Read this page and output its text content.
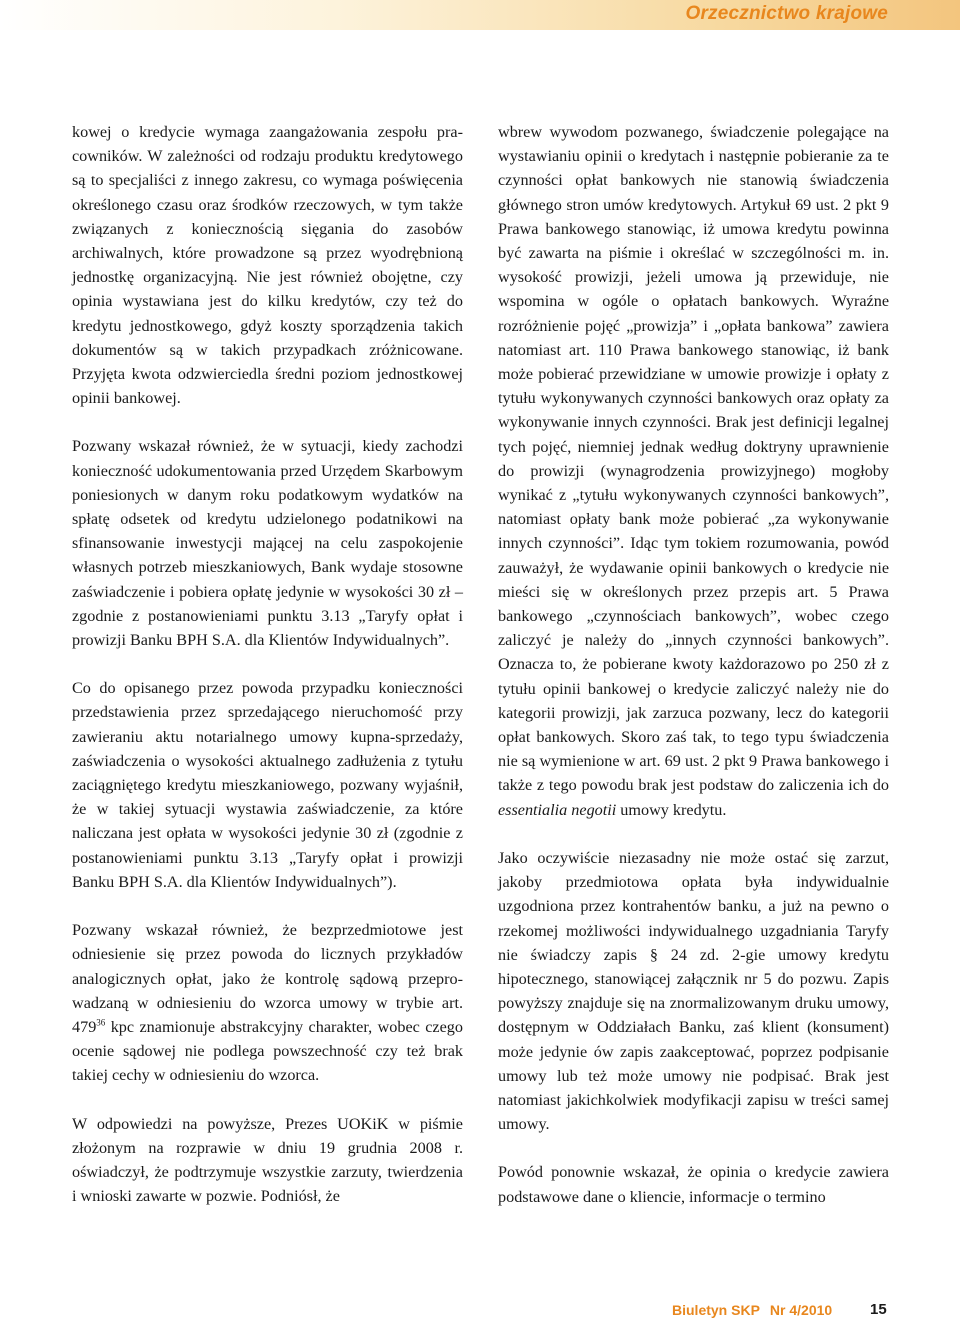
Orzecznictwo krajowe

kowej o kredycie wymaga zaangażowania zespołu pracowników. W zależności od rodzaju produktu kredytowego są to specjaliści z innego zakresu, co wymaga poświęcenia określonego czasu oraz środków rzeczowych, w tym także związanych z koniecznością sięgania do zasobów archiwalnych, które prowadzone są przez wyodrębnioną jednostkę organizacyjną. Nie jest również obojętne, czy opinia wystawiana jest do kilku kredytów, czy też do kredytu jednostkowego, gdyż koszty sporządzenia takich dokumentów są w takich przypadkach zróżnicowane. Przyjęta kwota odzwierciedla średni poziom jednostkowej opinii bankowej.

Pozwany wskazał również, że w sytuacji, kiedy zachodzi konieczność udokumentowania przed Urzędem Skarbowym poniesionych w danym roku podatkowym wydatków na spłatę odsetek od kredytu udzielonego podatnikowi na sfinansowanie inwestycji mającej na celu zaspokojenie własnych potrzeb mieszkaniowych, Bank wydaje stosowne zaświadczenie i pobiera opłatę jedynie w wysokości 30 zł – zgodnie z postanowieniami punktu 3.13 „Taryfy opłat i prowizji Banku BPH S.A. dla Klientów Indywidualnych”.

Co do opisanego przez powoda przypadku konieczności przedstawienia przez sprzedającego nieruchomość przy zawieraniu aktu notarialnego umowy kupna-sprzedaży, zaświadczenia o wysokości aktualnego zadłużenia z tytułu zaciągniętego kredytu mieszkaniowego, pozwany wyjaśnił, że w takiej sytuacji wystawia zaświadczenie, za które naliczana jest opłata w wysokości jedynie 30 zł (zgodnie z postanowieniami punktu 3.13 „Taryfy opłat i prowizji Banku BPH S.A. dla Klientów Indywidualnych”).

Pozwany wskazał również, że bezprzedmiotowe jest odniesienie się przez powoda do licznych przykładów analogicznych opłat, jako że kontrolę sądową przeprowadzaną w odniesieniu do wzorca umowy w trybie art. $479^{36}$ kpc znamionuje abstrakcyjny charakter, wobec czego ocenie sądowej nie podlega powszechność czy też brak takiej cechy w odniesieniu do wzorca.

W odpowiedzi na powyższe, Prezes UOKiK w piśmie złożonym na rozprawie w dniu 19 grudnia 2008 r. oświadczył, że podtrzymuje wszystkie zarzuty, twierdzenia i wnioski zawarte w pozwie. Podniósł, że

wbrew wywodom pozwanego, świadczenie polegające na wystawianiu opinii o kredytach i następnie pobieranie za te czynności opłat bankowych nie stanowią świadczenia głównego stron umów kredytowych. Artykuł 69 ust. 2 pkt 9 Prawa bankowego stanowiąc, iż umowa kredytu powinna być zawarta na piśmie i określać w szczególności m. in. wysokość prowizji, jeżeli umowa ją przewiduje, nie wspomina w ogóle o opłatach bankowych. Wyraźne rozróżnienie pojęć „prowizja” i „opłata bankowa” zawiera natomiast art. 110 Prawa bankowego stanowiąc, iż bank może pobierać przewidziane w umowie prowizje i opłaty z tytułu wykonywanych czynności bankowych oraz opłaty za wykonywanie innych czynności. Brak jest definicji legalnej tych pojęć, niemniej jednak według doktryny uprawnienie do prowizji (wynagrodzenia prowizyjnego) mogłoby wynikać z „tytułu wykonywanych czynności bankowych”, natomiast opłaty bank może pobierać „za wykonywanie innych czynności”. Idąc tym tokiem rozumowania, powód zauważył, że wydawanie opinii bankowych o kredycie nie mieści się w określonych przez przepis art. 5 Prawa bankowego „czynnościach bankowych”, wobec czego zaliczyć je należy do „innych czynności bankowych”. Oznacza to, że pobierane kwoty każdorazowo po 250 zł z tytułu opinii bankowej o kredycie zaliczyć należy nie do kategorii prowizji, jak zarzuca pozwany, lecz do kategorii opłat bankowych. Skoro zaś tak, to tego typu świadczenia nie są wymienione w art. 69 ust. 2 pkt 9 Prawa bankowego i także z tego powodu brak jest podstaw do zaliczenia ich do essentialia negotii umowy kredytu.

Jako oczywiście niezasadny nie może ostać się zarzut, jakoby przedmiotowa opłata była indywidualnie uzgodniona przez kontrahentów banku, a już na pewno o rzekomej możliwości indywidualnego uzgadniania Taryfy nie świadczy zapis § 24 zd. 2-gie umowy kredytu hipotecznego, stanowiącej załącznik nr 5 do pozwu. Zapis powyższy znajduje się na znormalizowanym druku umowy, dostępnym w Oddziałach Banku, zaś klient (konsument) może jedynie ów zapis zaakceptować, poprzez podpisanie umowy lub też może umowy nie podpisać. Brak jest natomiast jakichkolwiek modyfikacji zapisu w treści samej umowy.

Powód ponownie wskazał, że opinia o kredycie zawiera podstawowe dane o kliencie, informacje o termino

Biuletyn SKP Nr 4/2010	15
